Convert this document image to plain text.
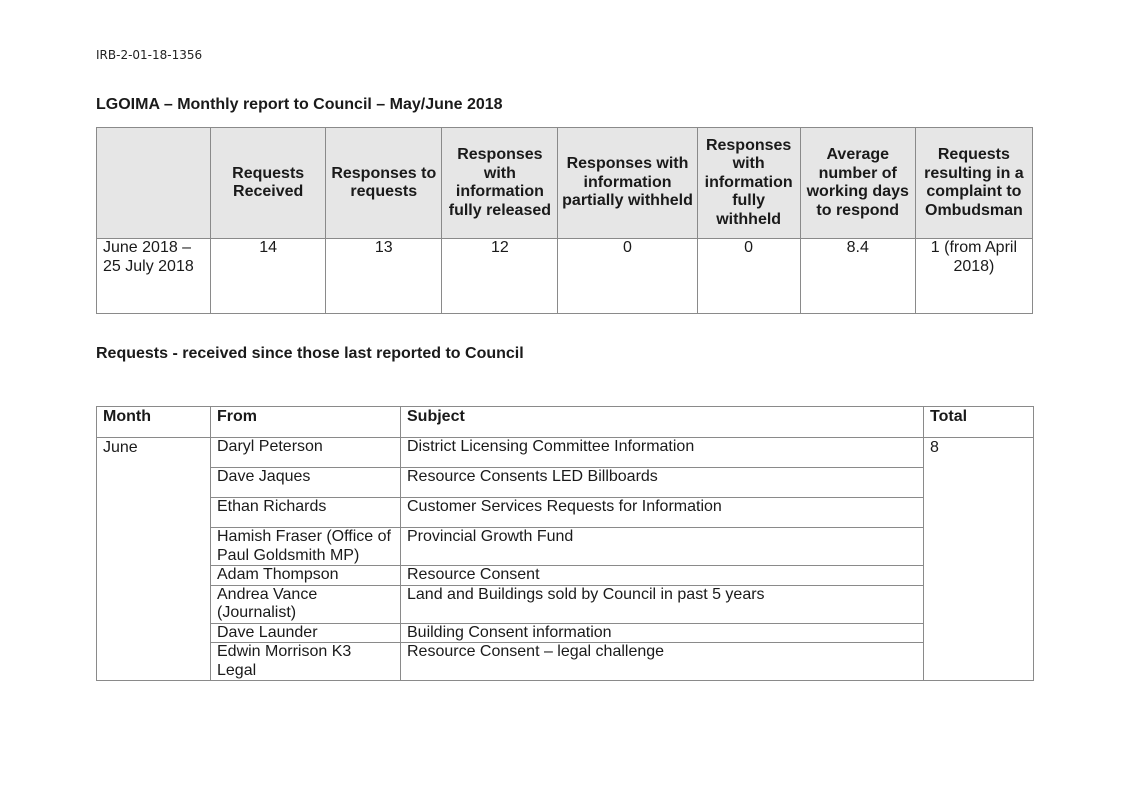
IRB-2-01-18-1356
LGOIMA – Monthly report to Council – May/June 2018
	Requests Received	Responses to requests	Responses with information fully released	Responses with information partially withheld	Responses with information fully withheld	Average number of working days to respond	Requests resulting in a complaint to Ombudsman
June 2018 – 25 July 2018	14	13	12	0	0	8.4	1 (from April 2018)
Requests - received since those last reported to Council
Month	From	Subject	Total
June	Daryl Peterson	District Licensing Committee Information	8
	Dave Jaques	Resource Consents LED Billboards	
	Ethan Richards	Customer Services Requests for Information	
	Hamish Fraser (Office of Paul Goldsmith MP)	Provincial Growth Fund	
	Adam Thompson	Resource Consent	
	Andrea Vance (Journalist)	Land and Buildings sold by Council in past 5 years	
	Dave Launder	Building Consent information	
	Edwin Morrison K3 Legal	Resource Consent – legal challenge	
